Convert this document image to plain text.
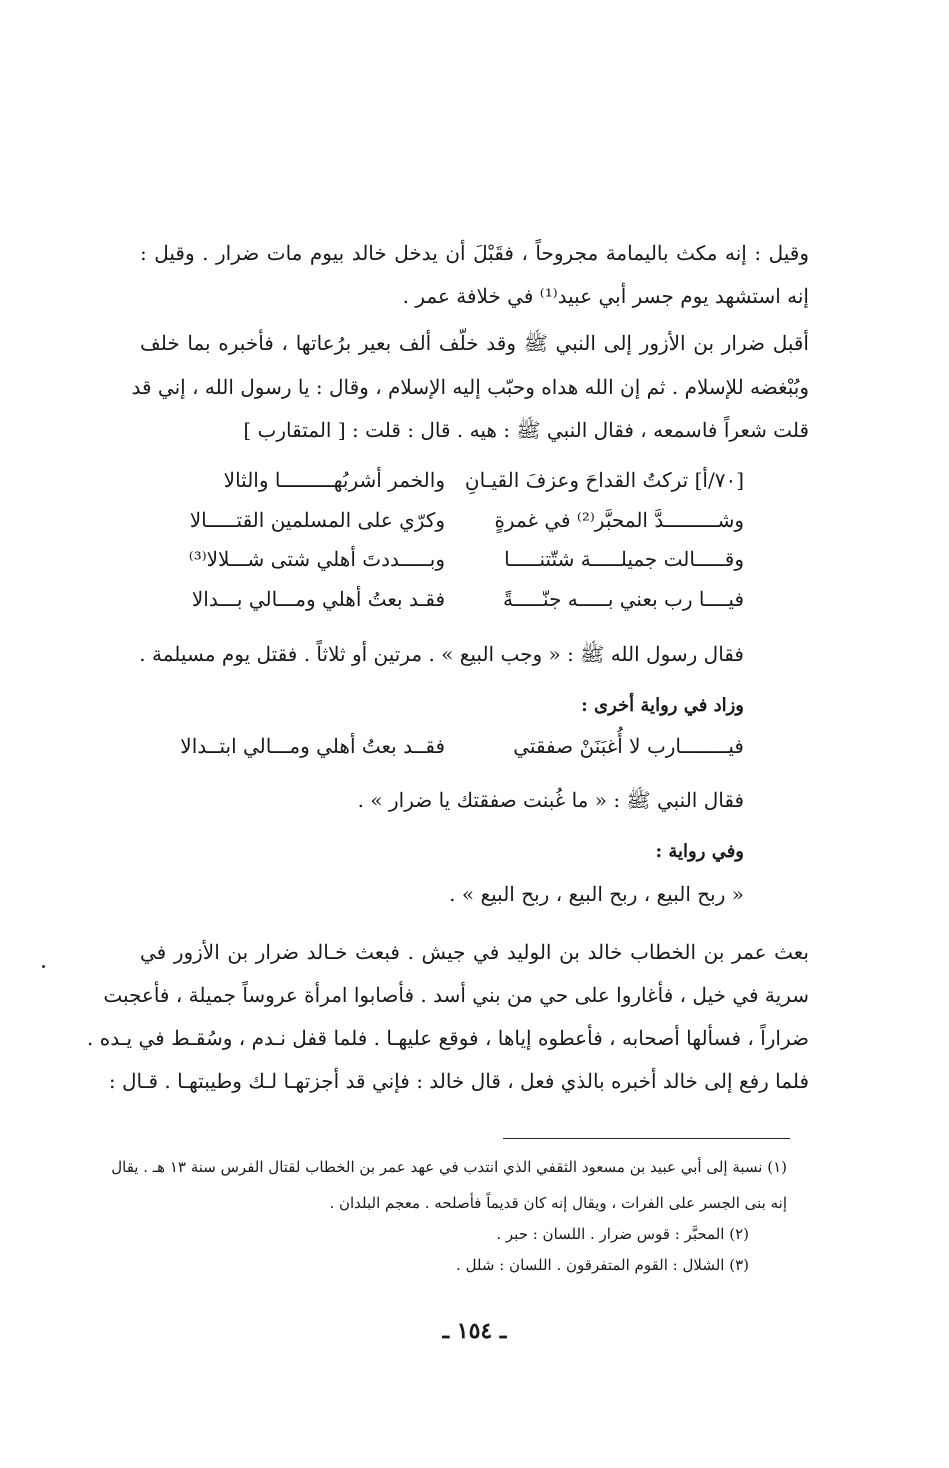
وقيل : إنه مكث باليمامة مجروحاً ، فقَبْلَ أن يدخل خالد بيوم مات ضرار . وقيل :
إنه استشهد يوم جسر أبي عبيد⁽¹⁾ في خلافة عمر .
أقبل ضرار بن الأزور إلى النبي ﷺ وقد خلّف ألف بعير برُعاتها ، فأخبره بما خلف
وبُبْغضه للإسلام . ثم إن الله هداه وحبّب إليه الإسلام ، وقال : يا رسول الله ، إني قد
قلت شعراً فاسمعه ، فقال النبي ﷺ : هيه . قال : قلت : [ المتقارب ]
[٧٠/أ] تركتُ القداحَ وعزفَ القيـانِ
والخمر أشربُهـــــــــا والثالا
وشـــــــــدَّ المحبَّر⁽²⁾ في غمرةٍ
وكرّي على المسلمين القتـــــالا
وقـــــالت جميلـــــة شتّتنـــــا
وبـــــددتَ أهلي شتى شـــلالا⁽³⁾
فيــــا رب بعني بـــــه جنّـــــةً
فقـد بعتُ أهلي ومـــالي بـــدالا
فقال رسول الله ﷺ : « وجب البيع » . مرتين أو ثلاثاً . فقتل يوم مسيلمة .
وزاد في رواية أخرى :
فيــــــــارب لا أُغبَنَنْ صفقتي
فقــد بعتُ أهلي ومـــالي ابتــدالا
فقال النبي ﷺ : « ما غُبنت صفقتك يا ضرار » .
وفي رواية :
« ربح البيع ، ربح البيع ، ربح البيع » .
بعث عمر بن الخطاب خالد بن الوليد في جيش . فبعث خـالد ضرار بن الأزور في
سرية في خيل ، فأغاروا على حي من بني أسد . فأصابوا امرأة عروساً جميلة ، فأعجبت
ضراراً ، فسألها أصحابه ، فأعطوه إياها ، فوقع عليهـا . فلما قفل نـدم ، وسُقـط في يـده .
فلما رفع إلى خالد أخبره بالذي فعل ، قال خالد : فإني قد أجزتهـا لـك وطيبتهـا . قـال :
(١) نسبة إلى أبي عبيد بن مسعود الثقفي الذي انتدب في عهد عمر بن الخطاب لقتال الفرس سنة ١٣ هـ . يقال
إنه بنى الجسر على الفرات ، ويقال إنه كان قديماً فأصلحه . معجم البلدان .
(٢) المحبَّر : قوس ضرار . اللسان : حبر .
(٣) الشلال : القوم المتفرقون . اللسان : شلل .
ـ ١٥٤ ـ
